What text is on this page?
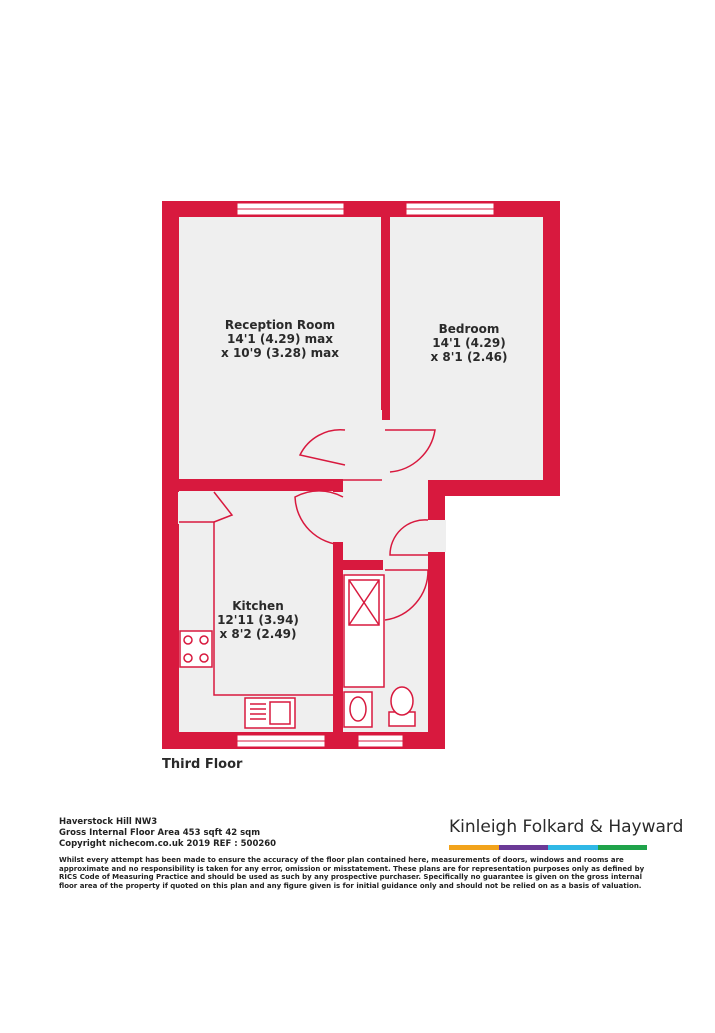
Reception Room
14'1 (4.29) max
x 10'9 (3.28) max
Bedroom
14'1 (4.29)
x 8'1 (2.46)
Kitchen
12'11 (3.94)
x 8'2 (2.49)
Third Floor
Haverstock Hill NW3
Gross Internal Floor Area 453 sqft 42 sqm
Copyright nichecom.co.uk 2019 REF : 500260
Whilst every attempt has been made to ensure the accuracy of the floor plan contained here, measurements of doors, windows and rooms are approximate and no responsibility is taken for any error, omission or misstatement. These plans are for representation purposes only as defined by RICS Code of Measuring Practice and should be used as such by any prospective purchaser. Specifically no guarantee is given on the gross internal floor area of the property if quoted on this plan and any figure given is for initial guidance only and should not be relied on as a basis of valuation.
Kinleigh Folkard & Hayward
